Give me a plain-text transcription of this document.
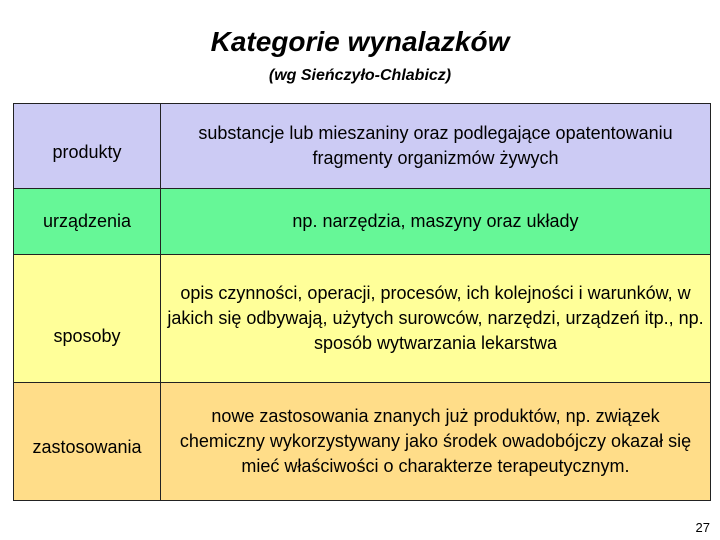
Kategorie wynalazków
(wg Sieńczyło-Chlabicz)
produkty	substancje lub mieszaniny oraz podlegające opatentowaniu fragmenty organizmów żywych
urządzenia	np. narzędzia, maszyny oraz układy
sposoby	opis czynności, operacji, procesów, ich kolejności i warunków, w jakich się odbywają, użytych surowców, narzędzi, urządzeń itp., np. sposób wytwarzania lekarstwa
zastosowania	nowe zastosowania znanych już produktów, np. związek chemiczny wykorzystywany jako środek owadobójczy okazał się mieć właściwości o charakterze terapeutycznym.
27
